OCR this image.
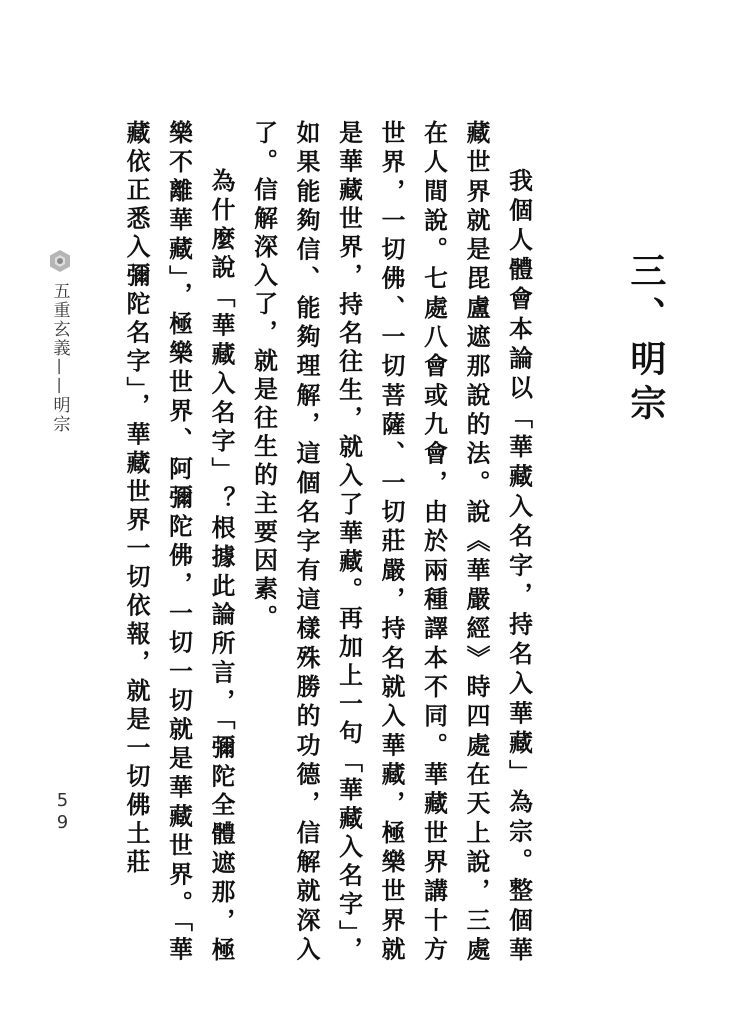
三、明宗

我個人體會本論以「華藏入名字，持名入華藏」為宗。整個華藏世界就是毘盧遮那說的法。說《華嚴經》時四處在天上說，三處在人間說。七處八會或九會，由於兩種譯本不同。華藏世界講十方世界，一切佛、一切菩薩、一切莊嚴，持名就入華藏，極樂世界就是華藏世界，持名往生，就入了華藏。再加上一句「華藏入名字」，如果能夠信、能夠理解，這個名字有這樣殊勝的功德，信解就深入了。信解深入了，就是往生的主要因素。

為什麼說「華藏入名字」？根據此論所言，「彌陀全體遮那，極樂不離華藏」，極樂世界、阿彌陀佛，一切一切就是華藏世界。「華藏依正悉入彌陀名字」，華藏世界一切依報，就是一切佛土莊

五重玄義——明宗
59
